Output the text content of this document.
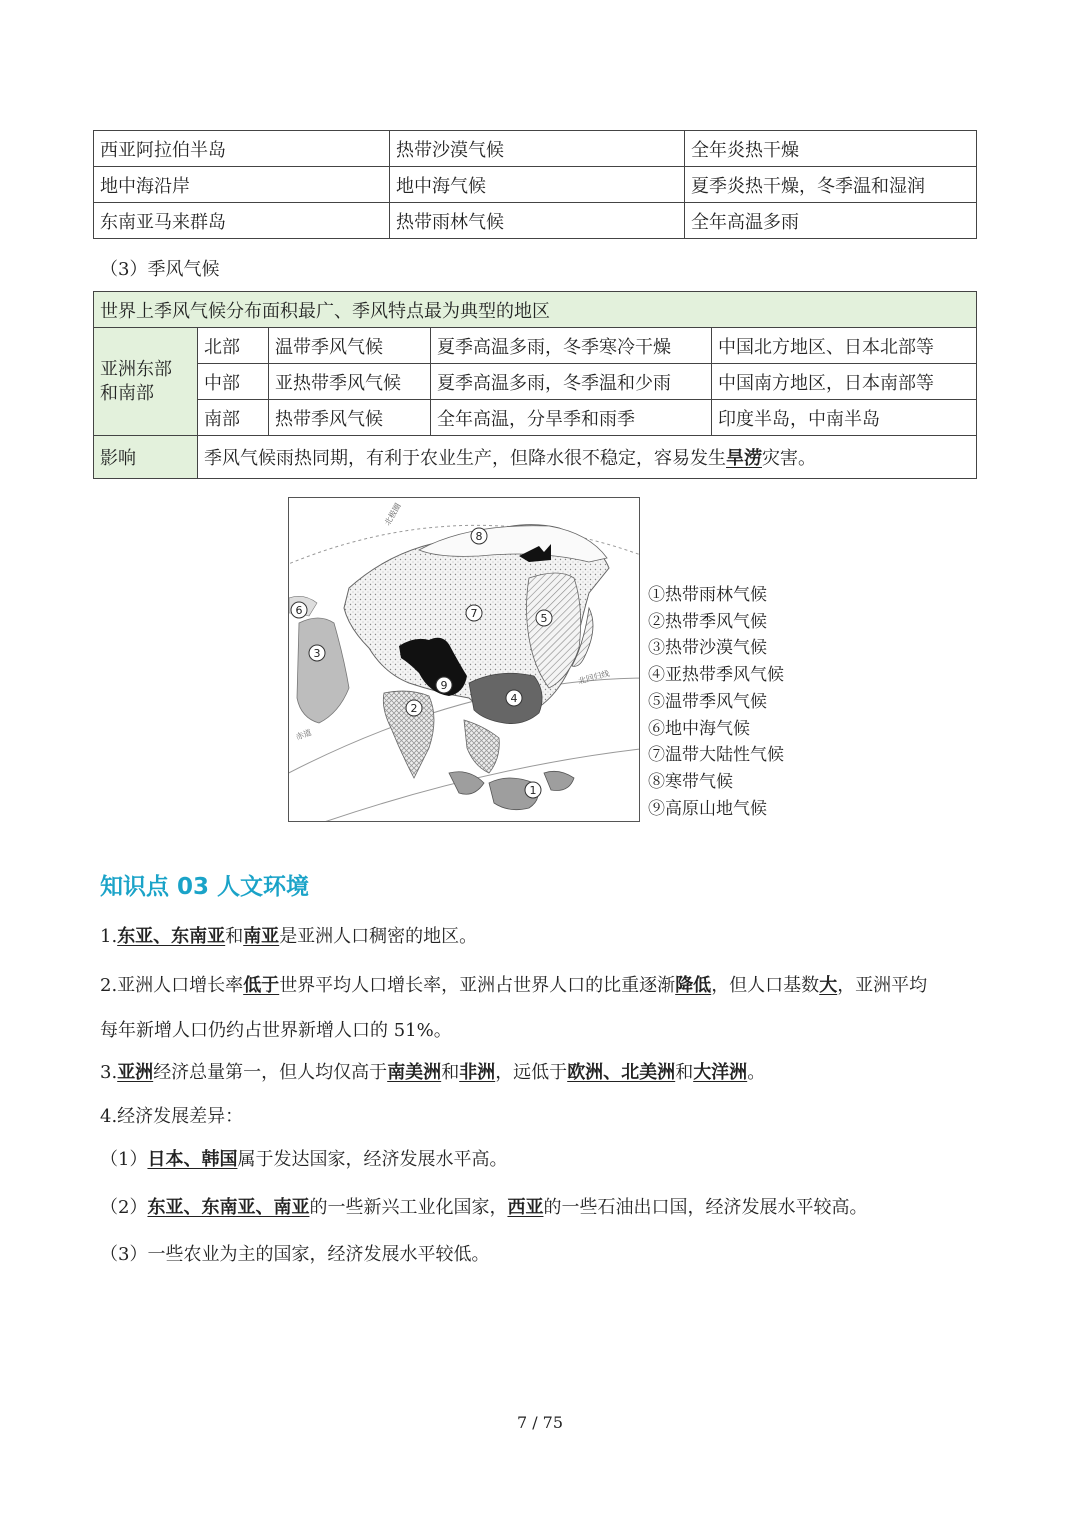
西亚阿拉伯半岛	热带沙漠气候	全年炎热干燥
地中海沿岸	地中海气候	夏季炎热干燥，冬季温和湿润
东南亚马来群岛	热带雨林气候	全年高温多雨
（3）季风气候
世界上季风气候分布面积最广、季风特点最为典型的地区				
亚洲东部
和南部	北部	温带季风气候	夏季高温多雨，冬季寒冷干燥	中国北方地区、日本北部等
	中部	亚热带季风气候	夏季高温多雨，冬季温和少雨	中国南方地区，日本南部等
	南部	热带季风气候	全年高温，分旱季和雨季	印度半岛，中南半岛
影响	季风气候雨热同期，有利于农业生产，但降水很不稳定，容易发生旱涝灾害。			
北极圈
北回归线
赤道
8
7
6
5
3
9
4
2
1
①热带雨林气候
②热带季风气候
③热带沙漠气候
④亚热带季风气候
⑤温带季风气候
⑥地中海气候
⑦温带大陆性气候
⑧寒带气候
⑨高原山地气候
知识点 03 人文环境
1.东亚、东南亚和南亚是亚洲人口稠密的地区。
2.亚洲人口增长率低于世界平均人口增长率，亚洲占世界人口的比重逐渐降低，但人口基数大，亚洲平均
每年新增人口仍约占世界新增人口的 51%。
3.亚洲经济总量第一，但人均仅高于南美洲和非洲，远低于欧洲、北美洲和大洋洲。
4.经济发展差异：
（1）日本、韩国属于发达国家，经济发展水平高。
（2）东亚、东南亚、南亚的一些新兴工业化国家，西亚的一些石油出口国，经济发展水平较高。
（3）一些农业为主的国家，经济发展水平较低。
7 / 75
